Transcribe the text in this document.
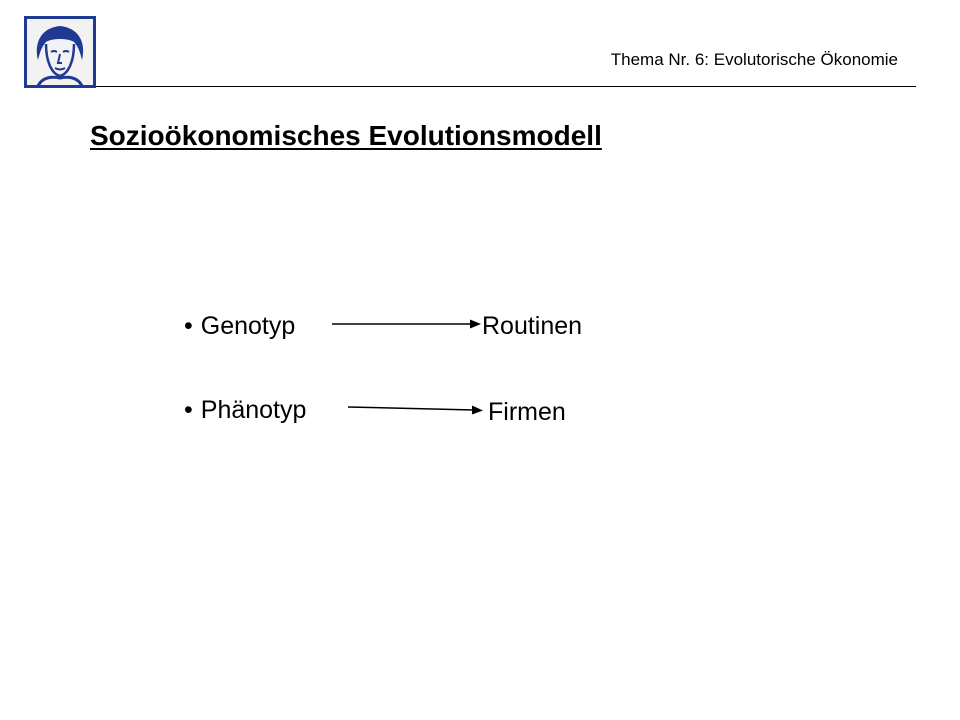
Thema Nr. 6: Evolutorische Ökonomie
Sozioökonomisches Evolutionsmodell
• Genotyp	Routinen
• Phänotyp	Firmen
